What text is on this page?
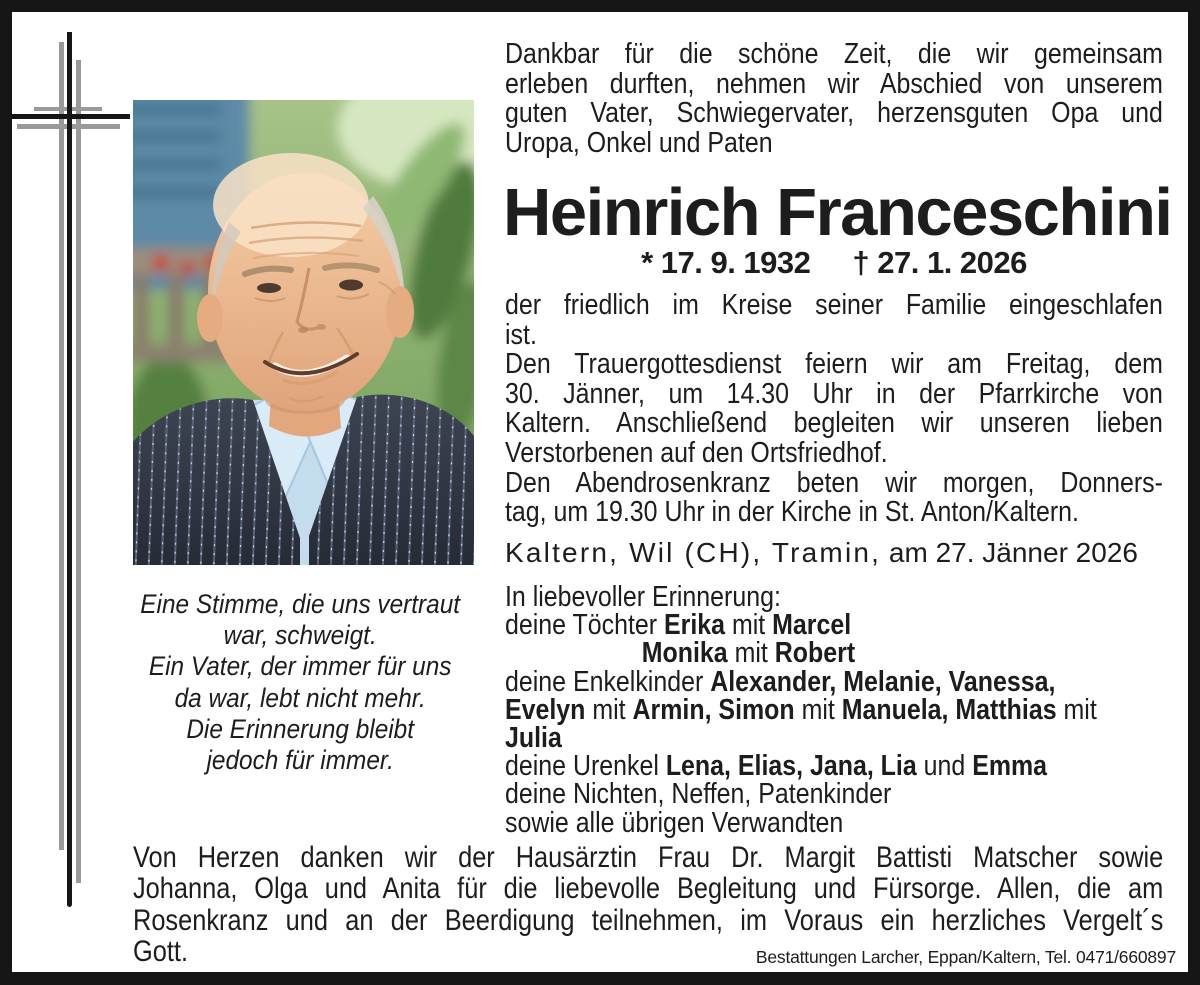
Dankbar für die schöne Zeit, die wir gemeinsam
erleben durften, nehmen wir Abschied von unserem
guten Vater, Schwiegervater, herzensguten Opa und
Uropa, Onkel und Paten
Heinrich Franceschini
* 17. 9. 1932 † 27. 1. 2026
der friedlich im Kreise seiner Familie eingeschlafen
ist.
Den Trauergottesdienst feiern wir am Freitag, dem
30. Jänner, um 14.30 Uhr in der Pfarrkirche von
Kaltern. Anschließend begleiten wir unseren lieben
Verstorbenen auf den Ortsfriedhof.
Den Abendrosenkranz beten wir morgen, Donners-
tag, um 19.30 Uhr in der Kirche in St. Anton/Kaltern.
Kaltern, Wil (CH), Tramin, am 27. Jänner 2026
In liebevoller Erinnerung:
deine Töchter Erika mit Marcel
Monika mit Robert
deine Enkelkinder Alexander, Melanie, Vanessa,
Evelyn mit Armin, Simon mit Manuela, Matthias mit
Julia
deine Urenkel Lena, Elias, Jana, Lia und Emma
deine Nichten, Neffen, Patenkinder
sowie alle übrigen Verwandten
Eine Stimme, die uns vertraut
war, schweigt.
Ein Vater, der immer für uns
da war, lebt nicht mehr.
Die Erinnerung bleibt
jedoch für immer.
Von Herzen danken wir der Hausärztin Frau Dr. Margit Battisti Matscher sowie
Johanna, Olga und Anita für die liebevolle Begleitung und Fürsorge. Allen, die am
Rosenkranz und an der Beerdigung teilnehmen, im Voraus ein herzliches Vergelt´s
Gott.	Bestattungen Larcher, Eppan/Kaltern, Tel. 0471/660897
